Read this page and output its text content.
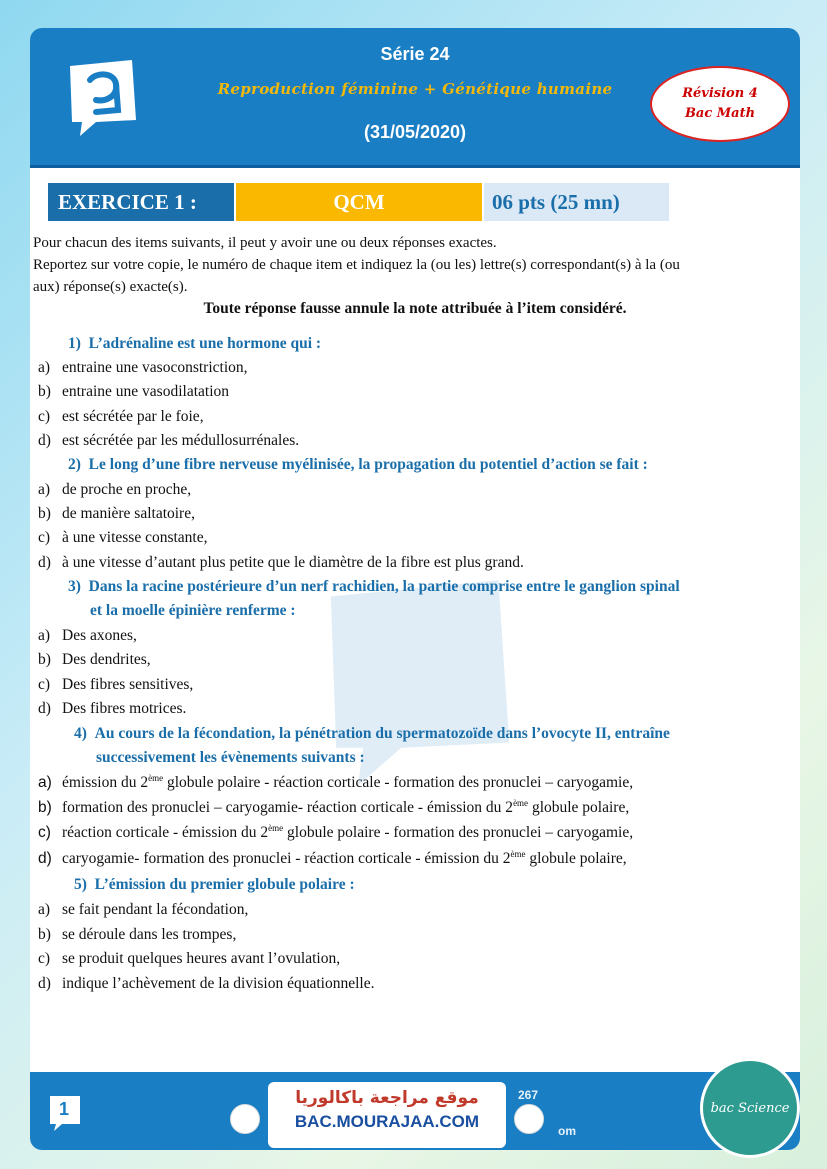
Série 24
Reproduction féminine + Génétique humaine
(31/05/2020)
Révision 4
Bac Math
EXERCICE 1 :	QCM	06 pts (25 mn)
Pour chacun des items suivants, il peut y avoir une ou deux réponses exactes.
Reportez sur votre copie, le numéro de chaque item et indiquez la (ou les) lettre(s) correspondant(s) à la (ou
aux) réponse(s) exacte(s).
Toute réponse fausse annule la note attribuée à l’item considéré.
1) L’adrénaline est une hormone qui :
a) entraine une vasoconstriction,
b) entraine une vasodilatation
c) est sécrétée par le foie,
d) est sécrétée par les médullosurrénales.
2) Le long d’une fibre nerveuse myélinisée, la propagation du potentiel d’action se fait :
a) de proche en proche,
b) de manière saltatoire,
c) à une vitesse constante,
d) à une vitesse d’autant plus petite que le diamètre de la fibre est plus grand.
3) Dans la racine postérieure d’un nerf rachidien, la partie comprise entre le ganglion spinal
et la moelle épinière renferme :
a) Des axones,
b) Des dendrites,
c) Des fibres sensitives,
d) Des fibres motrices.
4) Au cours de la fécondation, la pénétration du spermatozoïde dans l’ovocyte II, entraîne
successivement les évènements suivants :
a) émission du 2ème globule polaire - réaction corticale - formation des pronuclei – caryogamie,
b) formation des pronuclei – caryogamie- réaction corticale - émission du 2ème globule polaire,
c) réaction corticale - émission du 2ème globule polaire - formation des pronuclei – caryogamie,
d) caryogamie- formation des pronuclei - réaction corticale - émission du 2ème globule polaire,
5) L’émission du premier globule polaire :
a) se fait pendant la fécondation,
b) se déroule dans les trompes,
c) se produit quelques heures avant l’ovulation,
d) indique l’achèvement de la division équationnelle.
1
267
om
موقع مراجعة باكالوريا
BAC.MOURAJAA.COM
bac Science
